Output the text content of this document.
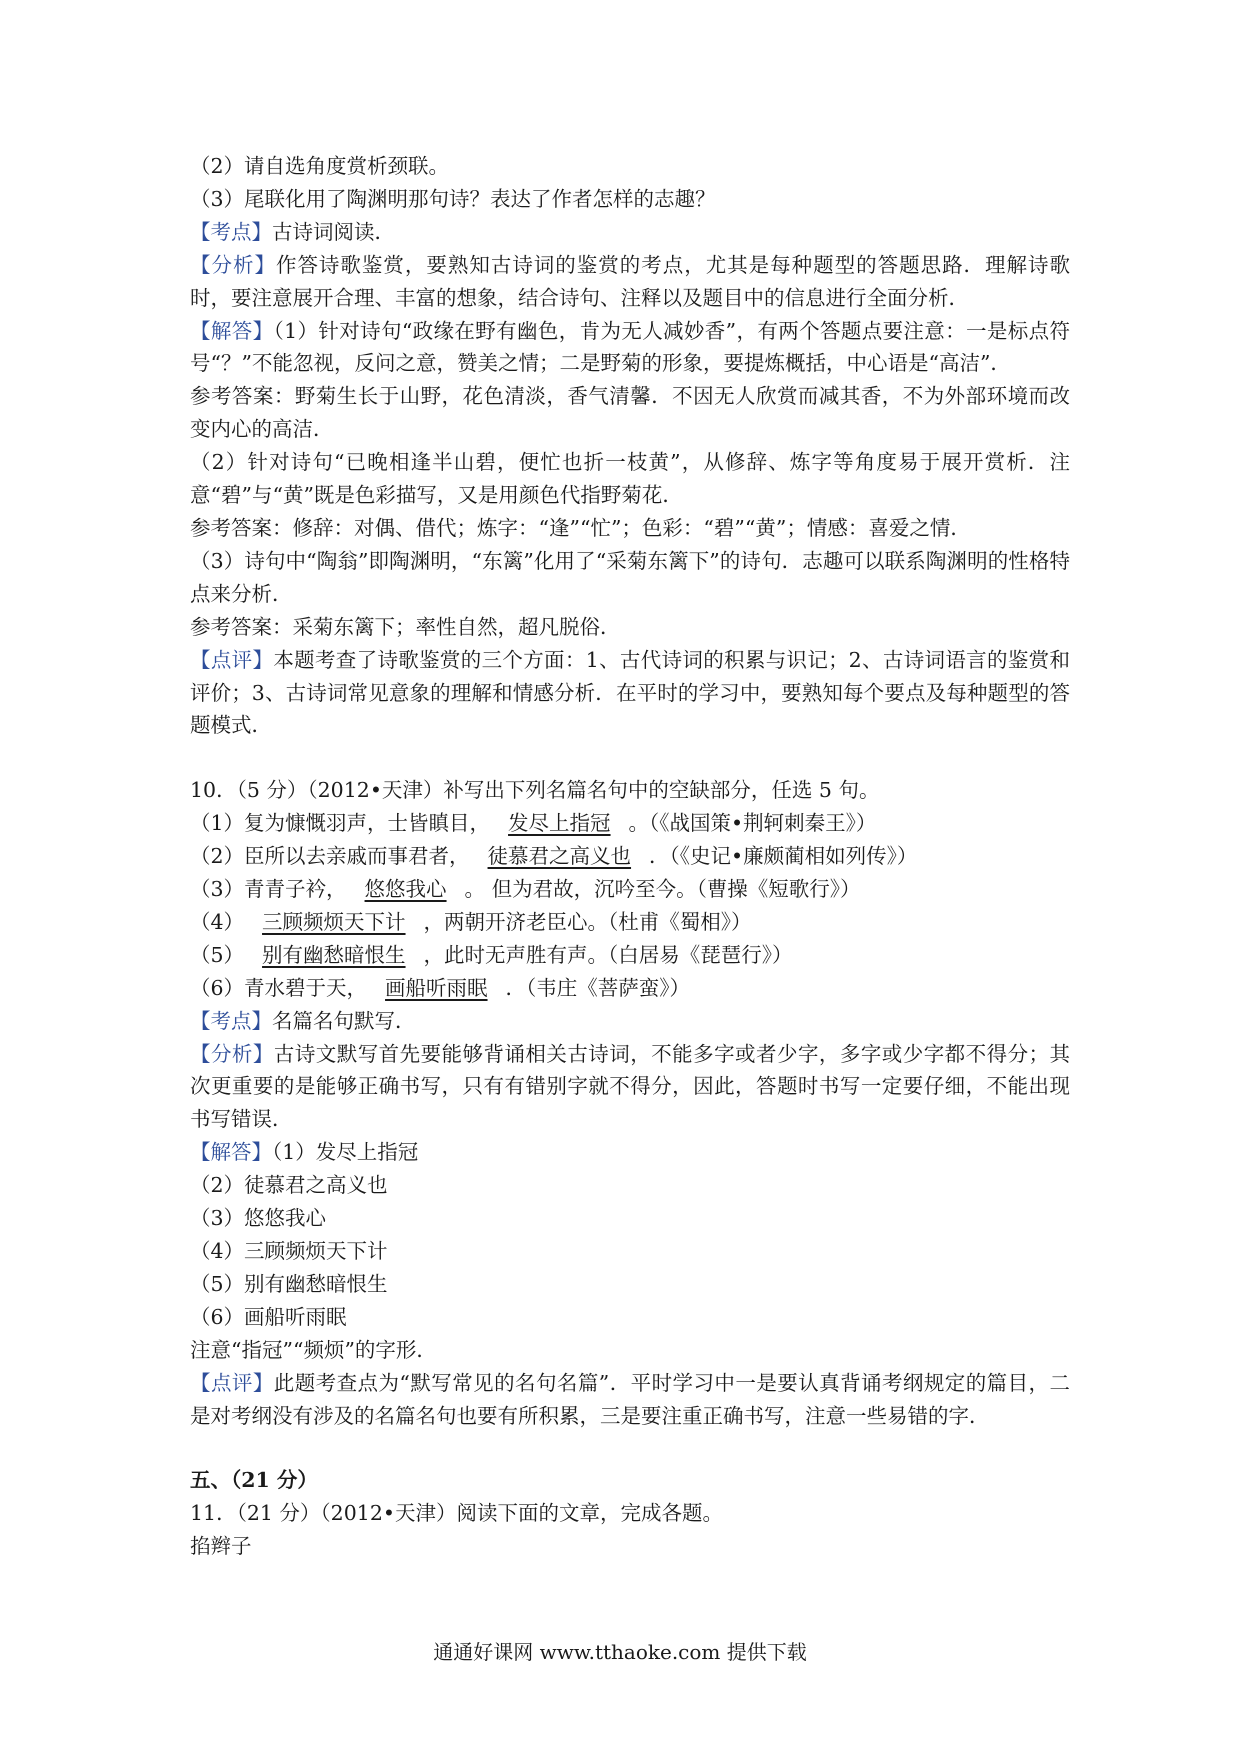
（2）请自选角度赏析颈联。
（3）尾联化用了陶渊明那句诗？表达了作者怎样的志趣？
【考点】古诗词阅读．
【分析】作答诗歌鉴赏，要熟知古诗词的鉴赏的考点，尤其是每种题型的答题思路．理解诗歌时，要注意展开合理、丰富的想象，结合诗句、注释以及题目中的信息进行全面分析．
【解答】（1）针对诗句“政缘在野有幽色，肯为无人减妙香”，有两个答题点要注意：一是标点符号“？”不能忽视，反问之意，赞美之情；二是野菊的形象，要提炼概括，中心语是“高洁”．
参考答案：野菊生长于山野，花色清淡，香气清馨．不因无人欣赏而减其香，不为外部环境而改变内心的高洁．
（2）针对诗句“已晚相逢半山碧，便忙也折一枝黄”，从修辞、炼字等角度易于展开赏析．注意“碧”与“黄”既是色彩描写，又是用颜色代指野菊花．
参考答案：修辞：对偶、借代；炼字：“逢”“忙”；色彩：“碧”“黄”；情感：喜爱之情．
（3）诗句中“陶翁”即陶渊明，“东篱”化用了“采菊东篱下”的诗句．志趣可以联系陶渊明的性格特点来分析．
参考答案：采菊东篱下；率性自然，超凡脱俗．
【点评】本题考查了诗歌鉴赏的三个方面：1、古代诗词的积累与识记；2、古诗词语言的鉴赏和评价；3、古诗词常见意象的理解和情感分析．在平时的学习中，要熟知每个要点及每种题型的答题模式．
10．（5 分）（2012•天津）补写出下列名篇名句中的空缺部分，任选 5 句。
（1）复为慷慨羽声，士皆瞋目， 发尽上指冠 。（《战国策•荆轲刺秦王》）
（2）臣所以去亲戚而事君者， 徒慕君之高义也 ．（《史记•廉颇蔺相如列传》）
（3）青青子衿， 悠悠我心 。 但为君故，沉吟至今。（曹操《短歌行》）
（4） 三顾频烦天下计 ，两朝开济老臣心。（杜甫《蜀相》）
（5） 别有幽愁暗恨生 ，此时无声胜有声。（白居易《琵琶行》）
（6）青水碧于天， 画船听雨眠 ．（韦庄《菩萨蛮》）
【考点】名篇名句默写．
【分析】古诗文默写首先要能够背诵相关古诗词，不能多字或者少字，多字或少字都不得分；其次更重要的是能够正确书写，只有有错别字就不得分，因此，答题时书写一定要仔细，不能出现书写错误．
【解答】（1）发尽上指冠
（2）徒慕君之高义也
（3）悠悠我心
（4）三顾频烦天下计
（5）别有幽愁暗恨生
（6）画船听雨眠
注意“指冠”“频烦”的字形．
【点评】此题考查点为“默写常见的名句名篇”．平时学习中一是要认真背诵考纲规定的篇目，二是对考纲没有涉及的名篇名句也要有所积累，三是要注重正确书写，注意一些易错的字．
五、（21 分）
11．（21 分）（2012•天津）阅读下面的文章，完成各题。
掐辫子
通通好课网 www.tthaoke.com 提供下载
